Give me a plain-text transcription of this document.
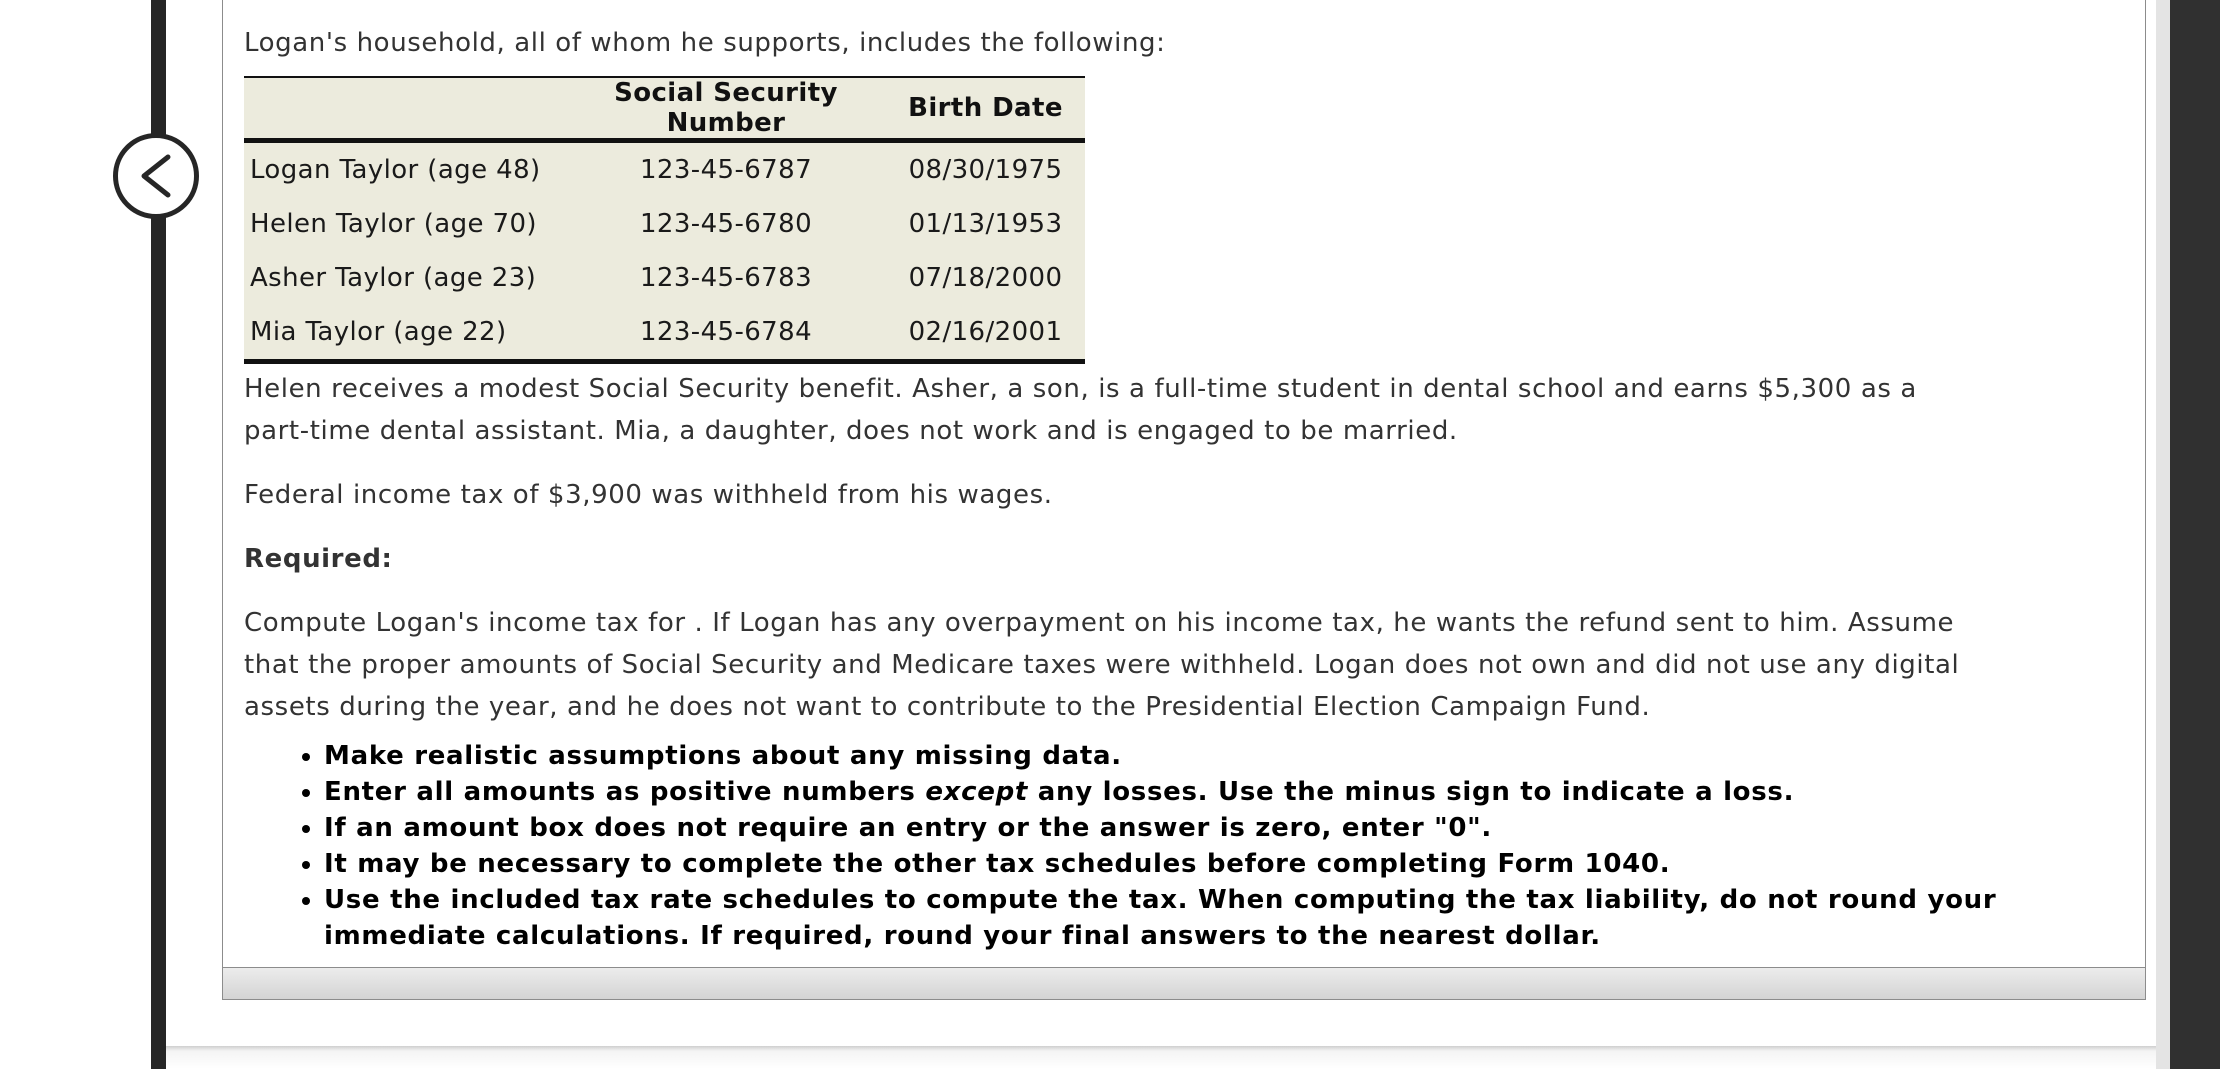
Logan's household, all of whom he supports, includes the following:

	Social Security Number	Birth Date
Logan Taylor (age 48)	123-45-6787	08/30/1975
Helen Taylor (age 70)	123-45-6780	01/13/1953
Asher Taylor (age 23)	123-45-6783	07/18/2000
Mia Taylor (age 22)	123-45-6784	02/16/2001

Helen receives a modest Social Security benefit. Asher, a son, is a full-time student in dental school and earns $5,300 as a part-time dental assistant. Mia, a daughter, does not work and is engaged to be married.

Federal income tax of $3,900 was withheld from his wages.

Required:

Compute Logan's income tax for . If Logan has any overpayment on his income tax, he wants the refund sent to him. Assume that the proper amounts of Social Security and Medicare taxes were withheld. Logan does not own and did not use any digital assets during the year, and he does not want to contribute to the Presidential Election Campaign Fund.

• Make realistic assumptions about any missing data.
• Enter all amounts as positive numbers except any losses. Use the minus sign to indicate a loss.
• If an amount box does not require an entry or the answer is zero, enter "0".
• It may be necessary to complete the other tax schedules before completing Form 1040.
• Use the included tax rate schedules to compute the tax. When computing the tax liability, do not round your immediate calculations. If required, round your final answers to the nearest dollar.
